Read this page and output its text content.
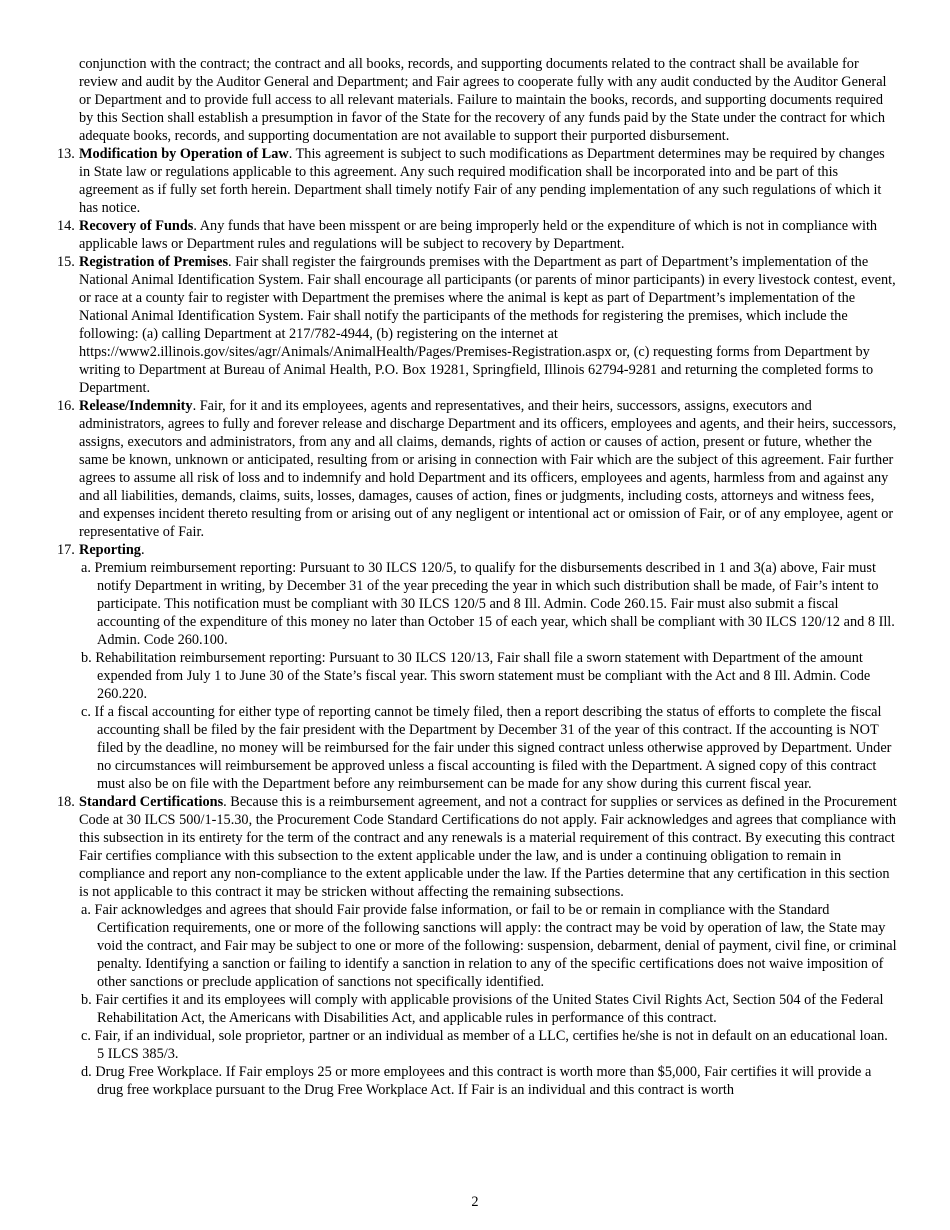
conjunction with the contract; the contract and all books, records, and supporting documents related to the contract shall be available for review and audit by the Auditor General and Department; and Fair agrees to cooperate fully with any audit conducted by the Auditor General or Department and to provide full access to all relevant materials. Failure to maintain the books, records, and supporting documents required by this Section shall establish a presumption in favor of the State for the recovery of any funds paid by the State under the contract for which adequate books, records, and supporting documentation are not available to support their purported disbursement.

13. Modification by Operation of Law. This agreement is subject to such modifications as Department determines may be required by changes in State law or regulations applicable to this agreement. Any such required modification shall be incorporated into and be part of this agreement as if fully set forth herein. Department shall timely notify Fair of any pending implementation of any such regulations of which it has notice.
14. Recovery of Funds. Any funds that have been misspent or are being improperly held or the expenditure of which is not in compliance with applicable laws or Department rules and regulations will be subject to recovery by Department.
15. Registration of Premises. Fair shall register the fairgrounds premises with the Department as part of Department’s implementation of the National Animal Identification System. Fair shall encourage all participants (or parents of minor participants) in every livestock contest, event, or race at a county fair to register with Department the premises where the animal is kept as part of Department’s implementation of the National Animal Identification System. Fair shall notify the participants of the methods for registering the premises, which include the following: (a) calling Department at 217/782-4944, (b) registering on the internet at https://www2.illinois.gov/sites/agr/Animals/AnimalHealth/Pages/Premises-Registration.aspx or, (c) requesting forms from Department by writing to Department at Bureau of Animal Health, P.O. Box 19281, Springfield, Illinois 62794-9281 and returning the completed forms to Department.
16. Release/Indemnity. Fair, for it and its employees, agents and representatives, and their heirs, successors, assigns, executors and administrators, agrees to fully and forever release and discharge Department and its officers, employees and agents, and their heirs, successors, assigns, executors and administrators, from any and all claims, demands, rights of action or causes of action, present or future, whether the same be known, unknown or anticipated, resulting from or arising in connection with Fair which are the subject of this agreement. Fair further agrees to assume all risk of loss and to indemnify and hold Department and its officers, employees and agents, harmless from and against any and all liabilities, demands, claims, suits, losses, damages, causes of action, fines or judgments, including costs, attorneys and witness fees, and expenses incident thereto resulting from or arising out of any negligent or intentional act or omission of Fair, or of any employee, agent or representative of Fair.
17. Reporting.
a. Premium reimbursement reporting: Pursuant to 30 ILCS 120/5, to qualify for the disbursements described in 1 and 3(a) above, Fair must notify Department in writing, by December 31 of the year preceding the year in which such distribution shall be made, of Fair’s intent to participate. This notification must be compliant with 30 ILCS 120/5 and 8 Ill. Admin. Code 260.15. Fair must also submit a fiscal accounting of the expenditure of this money no later than October 15 of each year, which shall be compliant with 30 ILCS 120/12 and 8 Ill. Admin. Code 260.100.
b. Rehabilitation reimbursement reporting: Pursuant to 30 ILCS 120/13, Fair shall file a sworn statement with Department of the amount expended from July 1 to June 30 of the State’s fiscal year. This sworn statement must be compliant with the Act and 8 Ill. Admin. Code 260.220.
c. If a fiscal accounting for either type of reporting cannot be timely filed, then a report describing the status of efforts to complete the fiscal accounting shall be filed by the fair president with the Department by December 31 of the year of this contract. If the accounting is NOT filed by the deadline, no money will be reimbursed for the fair under this signed contract unless otherwise approved by Department. Under no circumstances will reimbursement be approved unless a fiscal accounting is filed with the Department. A signed copy of this contract must also be on file with the Department before any reimbursement can be made for any show during this current fiscal year.
18. Standard Certifications. Because this is a reimbursement agreement, and not a contract for supplies or services as defined in the Procurement Code at 30 ILCS 500/1-15.30, the Procurement Code Standard Certifications do not apply. Fair acknowledges and agrees that compliance with this subsection in its entirety for the term of the contract and any renewals is a material requirement of this contract. By executing this contract Fair certifies compliance with this subsection to the extent applicable under the law, and is under a continuing obligation to remain in compliance and report any non-compliance to the extent applicable under the law. If the Parties determine that any certification in this section is not applicable to this contract it may be stricken without affecting the remaining subsections.
a. Fair acknowledges and agrees that should Fair provide false information, or fail to be or remain in compliance with the Standard Certification requirements, one or more of the following sanctions will apply: the contract may be void by operation of law, the State may void the contract, and Fair may be subject to one or more of the following: suspension, debarment, denial of payment, civil fine, or criminal penalty. Identifying a sanction or failing to identify a sanction in relation to any of the specific certifications does not waive imposition of other sanctions or preclude application of sanctions not specifically identified.
b. Fair certifies it and its employees will comply with applicable provisions of the United States Civil Rights Act, Section 504 of the Federal Rehabilitation Act, the Americans with Disabilities Act, and applicable rules in performance of this contract.
c. Fair, if an individual, sole proprietor, partner or an individual as member of a LLC, certifies he/she is not in default on an educational loan. 5 ILCS 385/3.
d. Drug Free Workplace. If Fair employs 25 or more employees and this contract is worth more than $5,000, Fair certifies it will provide a drug free workplace pursuant to the Drug Free Workplace Act. If Fair is an individual and this contract is worth
2
